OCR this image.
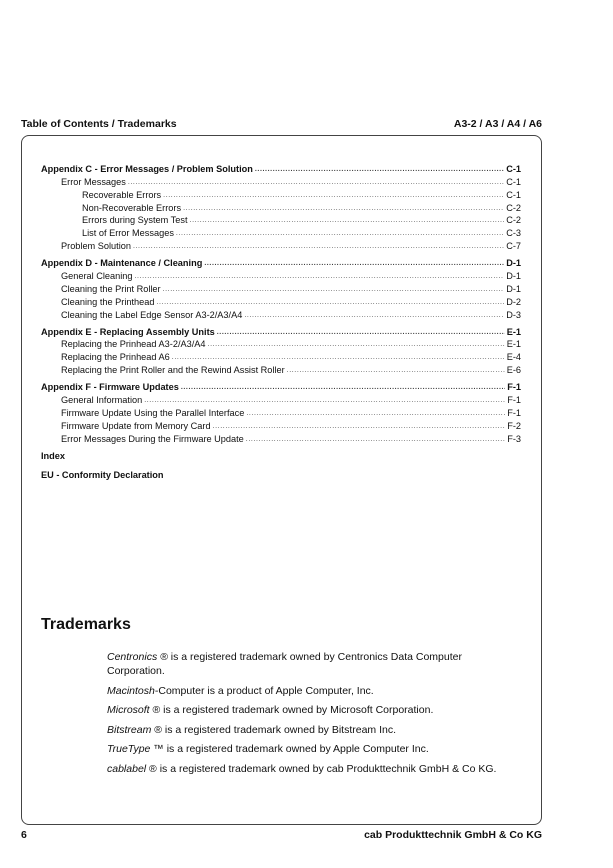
Table of Contents / Trademarks	A3-2 / A3 / A4 / A6
Appendix C - Error Messages / Problem Solution .....	C-1
Error Messages .....	C-1
Recoverable Errors .....	C-1
Non-Recoverable Errors .....	C-2
Errors during System Test .....	C-2
List of Error Messages .....	C-3
Problem Solution .....	C-7
Appendix D - Maintenance / Cleaning .....	D-1
General Cleaning .....	D-1
Cleaning the Print Roller .....	D-1
Cleaning the Printhead .....	D-2
Cleaning the Label Edge Sensor A3-2/A3/A4 .....	D-3
Appendix E - Replacing Assembly Units .....	E-1
Replacing the Prinhead A3-2/A3/A4 .....	E-1
Replacing the Prinhead A6 .....	E-4
Replacing the Print Roller and the Rewind Assist Roller .....	E-6
Appendix F - Firmware Updates .....	F-1
General Information .....	F-1
Firmware Update Using the Parallel Interface .....	F-1
Firmware Update from Memory Card .....	F-2
Error Messages During the Firmware Update .....	F-3
Index
EU - Conformity Declaration
Trademarks
Centronics ® is a registered trademark owned by Centronics Data Computer Corporation.
Macintosh-Computer is a product of Apple Computer, Inc.
Microsoft ® is a registered trademark owned by Microsoft Corporation.
Bitstream ® is a registered trademark owned by Bitstream Inc.
TrueType ™ is a registered trademark owned by Apple Computer Inc.
cablabel ® is a registered trademark owned by cab Produkttechnik GmbH & Co KG.
6	cab Produkttechnik GmbH & Co KG
